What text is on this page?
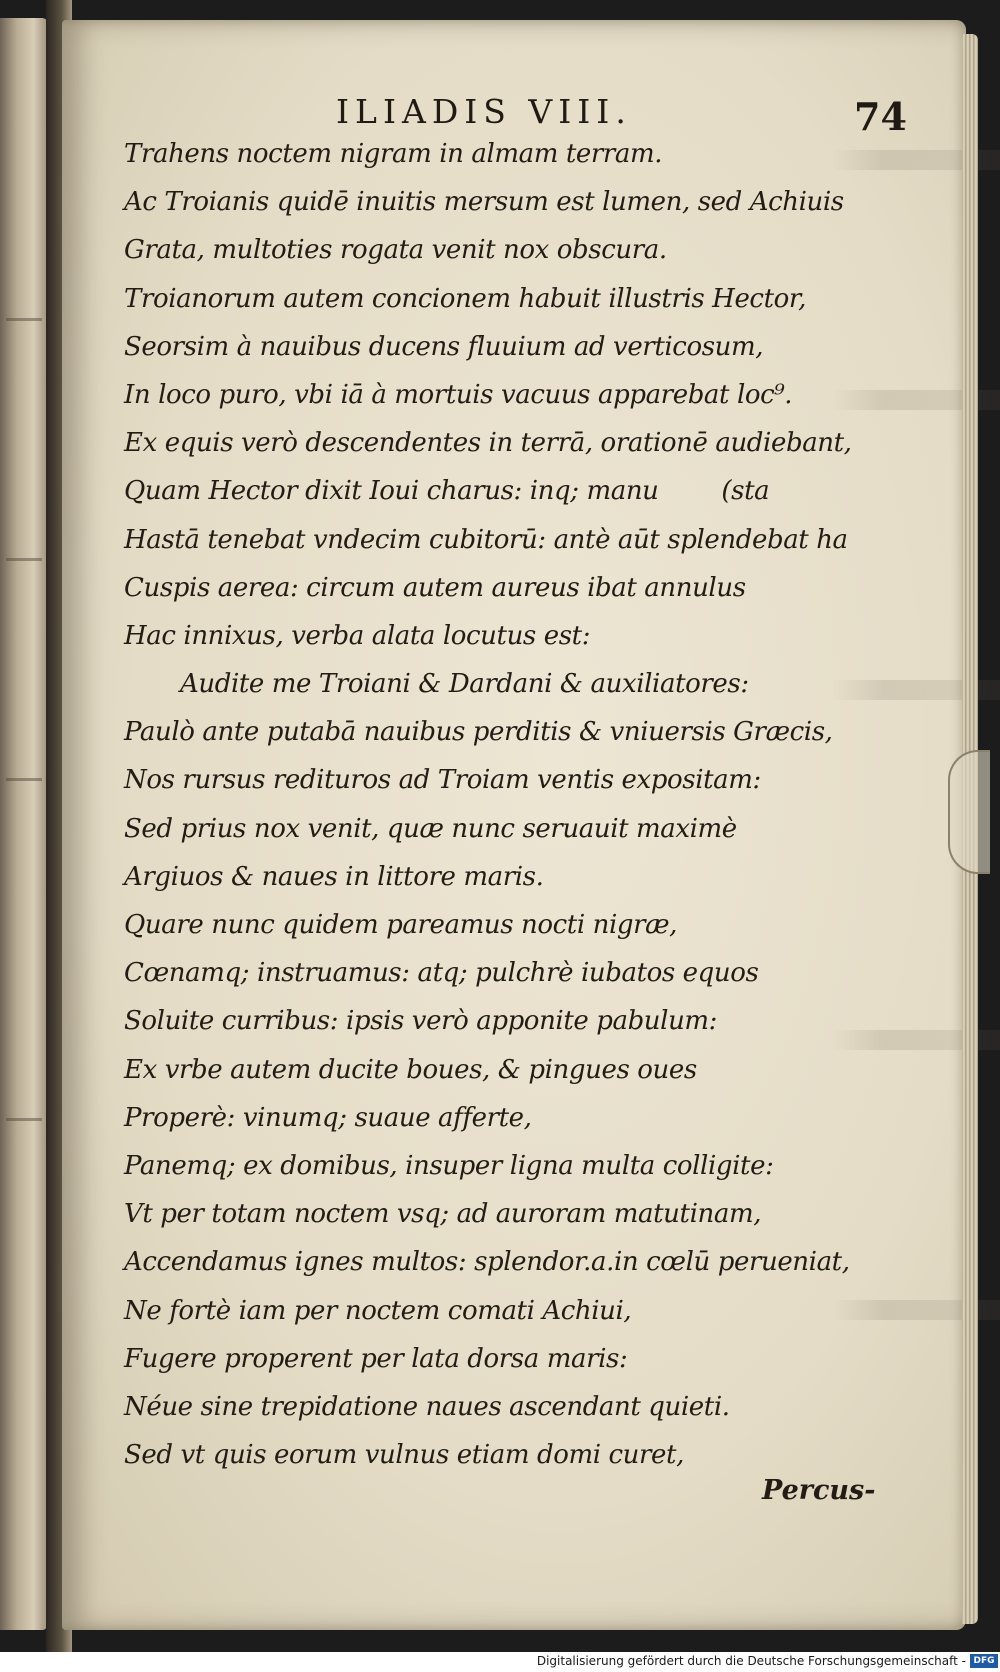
ILIADIS VIII.	74
Trahens noctem nigram in almam terram.
Ac Troianis quidē inuitis mersum est lumen, sed Achiuis
Grata, multoties rogata venit nox obscura.
Troianorum autem concionem habuit illustris Hector,
Seorsim à nauibus ducens fluuium ad verticosum,
In loco puro, vbi iā à mortuis vacuus apparebat loc⁹.
Ex equis verò descendentes in terrā, orationē audiebant,
Quam Hector dixit Ioui charus: inq; manu        (sta
Hastā tenebat vndecim cubitorū: antè aūt splendebat ha
Cuspis aerea: circum autem aureus ibat annulus
Hac innixus, verba alata locutus est:
Audite me Troiani & Dardani & auxiliatores:
Paulò ante putabā nauibus perditis & vniuersis Græcis,
Nos rursus redituros ad Troiam ventis expositam:
Sed prius nox venit, quæ nunc seruauit maximè
Argiuos & naues in littore maris.
Quare nunc quidem pareamus nocti nigræ,
Cœnamq; instruamus: atq; pulchrè iubatos equos
Soluite curribus: ipsis verò apponite pabulum:
Ex vrbe autem ducite boues, & pingues oues
Properè: vinumq; suaue afferte,
Panemq; ex domibus, insuper ligna multa colligite:
Vt per totam noctem vsq; ad auroram matutinam,
Accendamus ignes multos: splendor.a.in cœlū perueniat,
Ne fortè iam per noctem comati Achiui,
Fugere properent per lata dorsa maris:
Néue sine trepidatione naues ascendant quieti.
Sed vt quis eorum vulnus etiam domi curet,
Percus-
Digitalisierung gefördert durch die Deutsche Forschungsgemeinschaft - DFG
